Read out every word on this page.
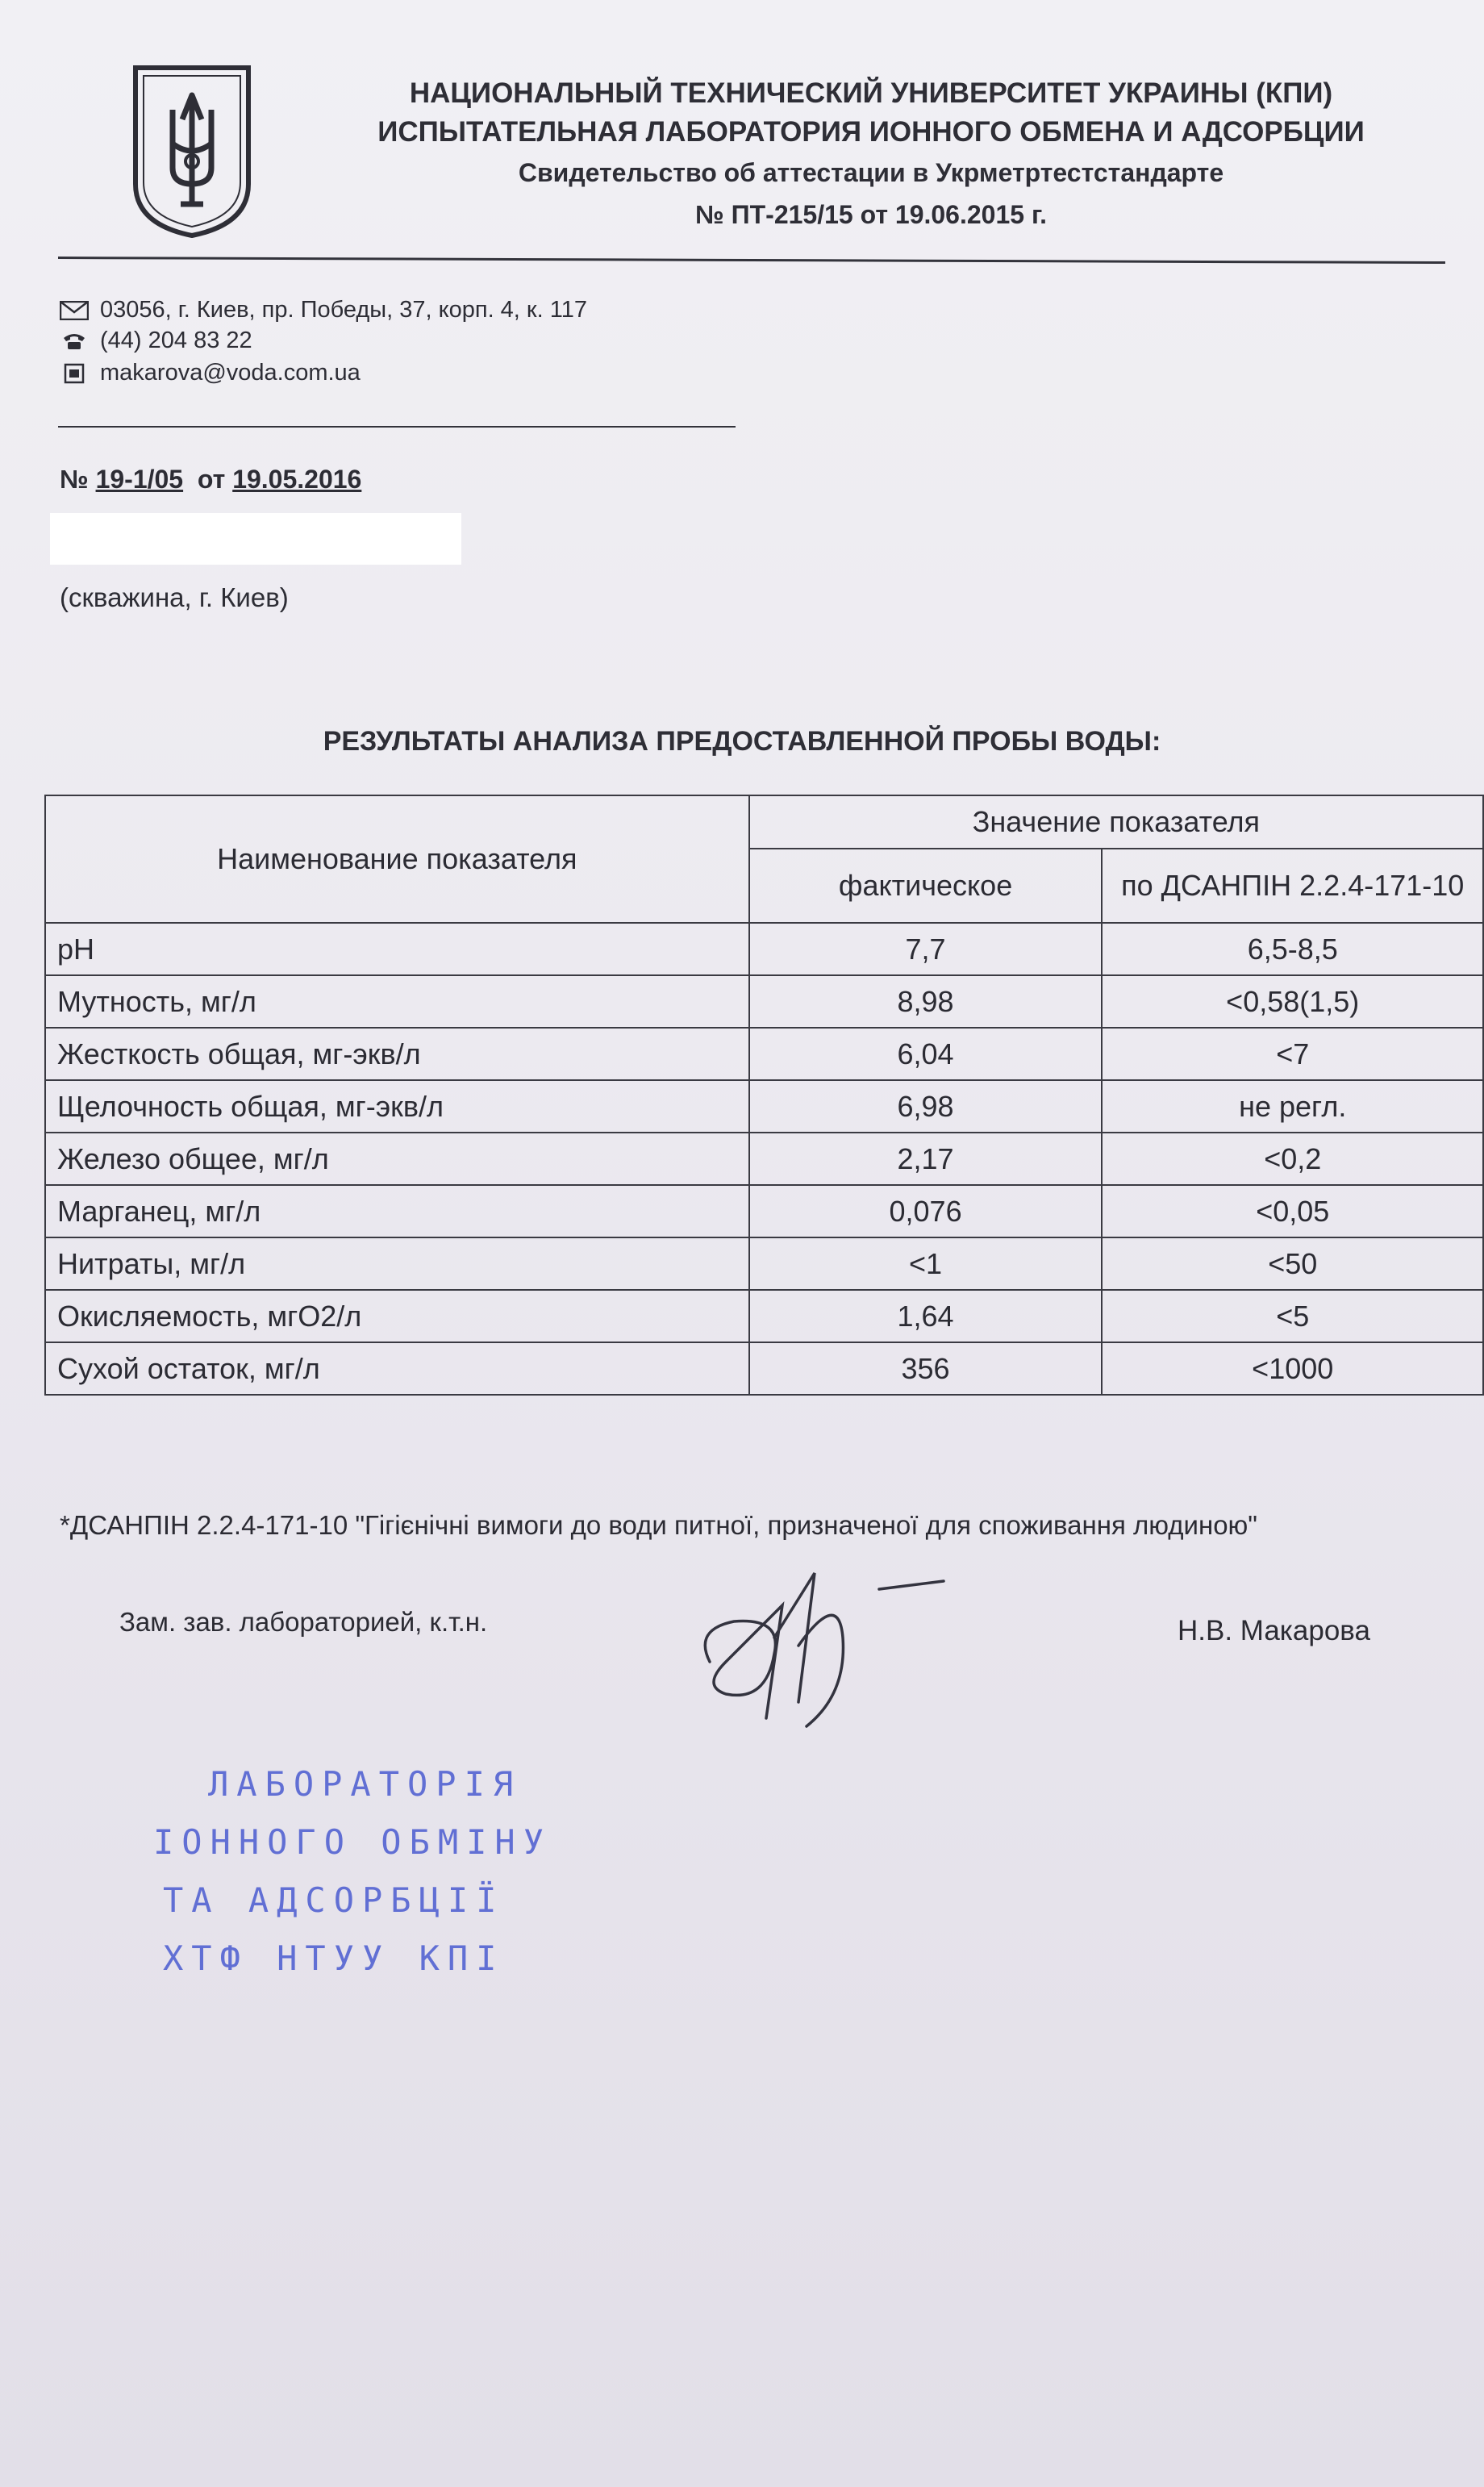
НАЦИОНАЛЬНЫЙ ТЕХНИЧЕСКИЙ УНИВЕРСИТЕТ УКРАИНЫ (КПИ)
ИСПЫТАТЕЛЬНАЯ ЛАБОРАТОРИЯ ИОННОГО ОБМЕНА И АДСОРБЦИИ
Свидетельство об аттестации в Укрметртестстандарте
№ ПТ-215/15 от 19.06.2015 г.
03056, г. Киев, пр. Победы, 37, корп. 4, к. 117
(44) 204 83 22
makarova@voda.com.ua
№ 19-1/05 от 19.05.2016
(скважина, г. Киев)
РЕЗУЛЬТАТЫ АНАЛИЗА ПРЕДОСТАВЛЕННОЙ ПРОБЫ ВОДЫ:
Наименование показателя	Значение показателя	
	фактическое	по ДСАНПІН 2.2.4-171-10
pH	7,7	6,5-8,5
Мутность, мг/л	8,98	<0,58(1,5)
Жесткость общая, мг-экв/л	6,04	<7
Щелочность общая, мг-экв/л	6,98	не регл.
Железо общее, мг/л	2,17	<0,2
Марганец, мг/л	0,076	<0,05
Нитраты, мг/л	<1	<50
Окисляемость, мгО2/л	1,64	<5
Сухой остаток, мг/л	356	<1000
*ДСАНПІН 2.2.4-171-10 "Гігієнічні вимоги до води питної, призначеної для споживання людиною"
Зам. зав. лабораторией, к.т.н.	Н.В. Макарова
ЛАБОРАТОРІЯ
ІОННОГО ОБМІНУ
ТА АДСОРБЦІЇ
ХТФ НТУУ КПІ
